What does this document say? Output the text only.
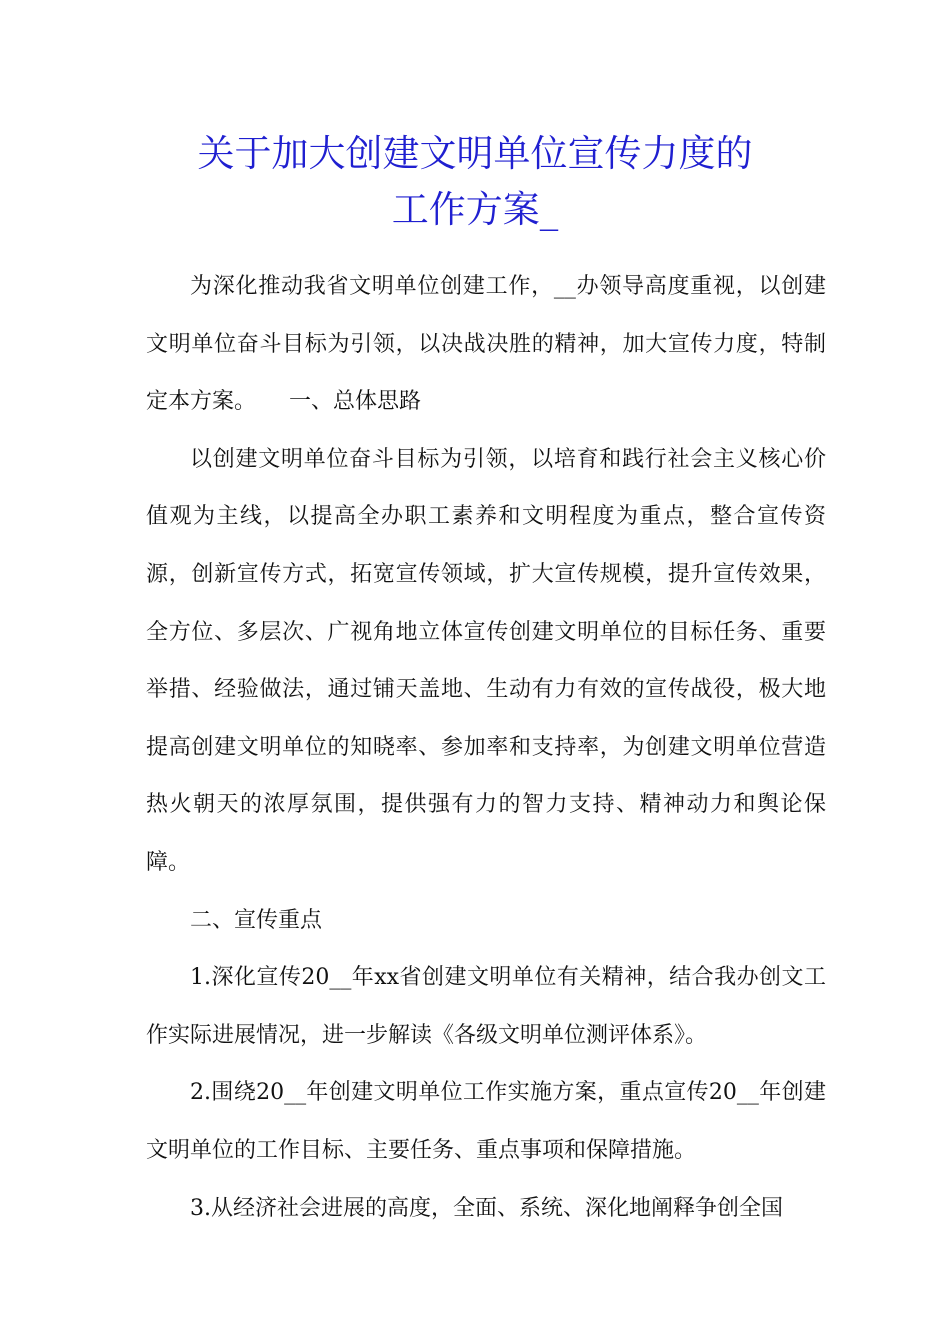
关于加大创建文明单位宣传力度的
工作方案_

为深化推动我省文明单位创建工作，__办领导高度重视，以创建文明单位奋斗目标为引领，以决战决胜的精神，加大宣传力度，特制定本方案。　　一、总体思路

以创建文明单位奋斗目标为引领，以培育和践行社会主义核心价值观为主线，以提高全办职工素养和文明程度为重点，整合宣传资源，创新宣传方式，拓宽宣传领域，扩大宣传规模，提升宣传效果，全方位、多层次、广视角地立体宣传创建文明单位的目标任务、重要举措、经验做法，通过铺天盖地、生动有力有效的宣传战役，极大地提高创建文明单位的知晓率、参加率和支持率，为创建文明单位营造热火朝天的浓厚氛围，提供强有力的智力支持、精神动力和舆论保障。

二、宣传重点

1.深化宣传20__年xx省创建文明单位有关精神，结合我办创文工作实际进展情况，进一步解读《各级文明单位测评体系》。

2.围绕20__年创建文明单位工作实施方案，重点宣传20__年创建文明单位的工作目标、主要任务、重点事项和保障措施。

3.从经济社会进展的高度，全面、系统、深化地阐释争创全国
